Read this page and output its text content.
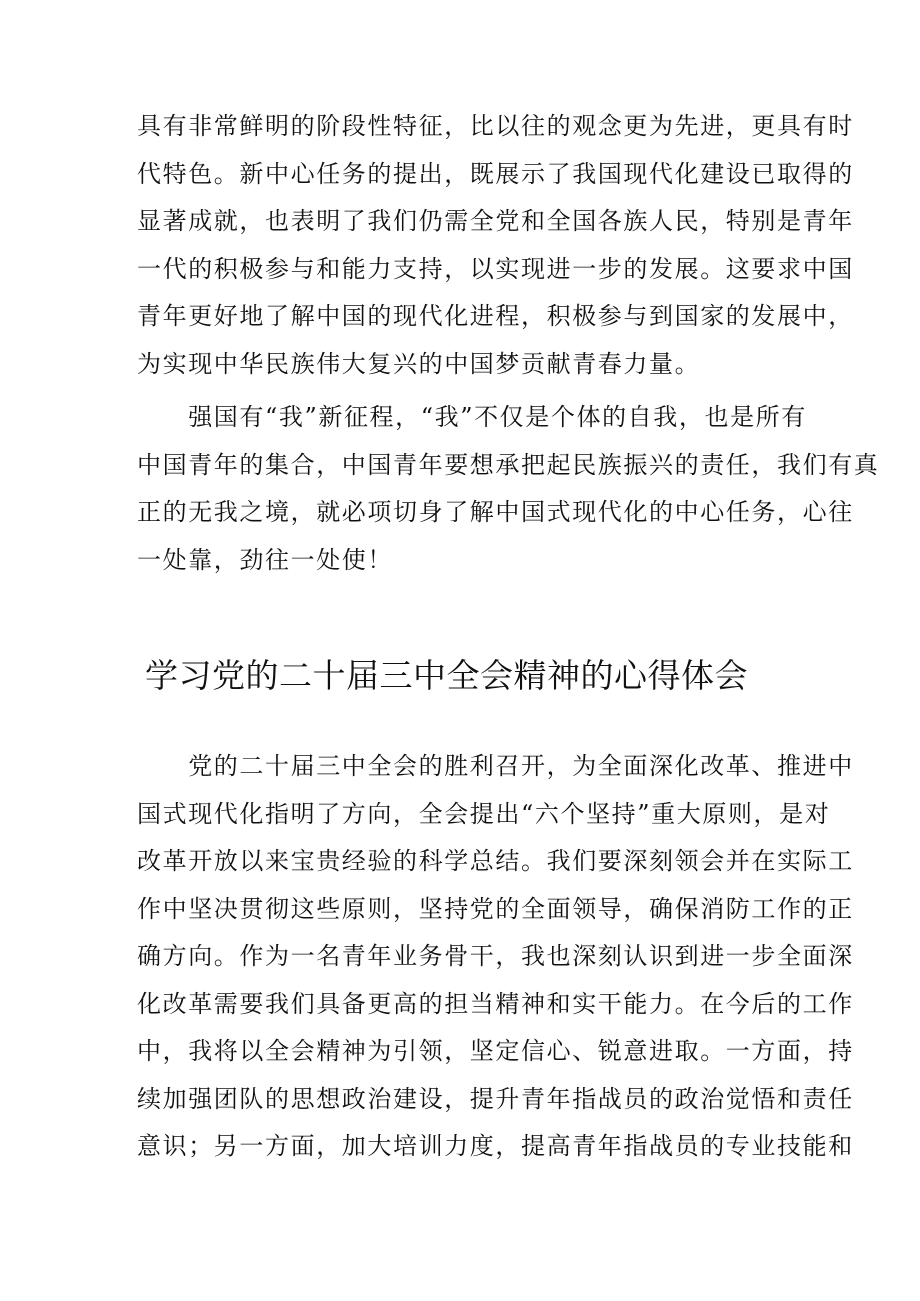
具有非常鲜明的阶段性特征，比以往的观念更为先进，更具有时
代特色。新中心任务的提出，既展示了我国现代化建设已取得的
显著成就，也表明了我们仍需全党和全国各族人民，特别是青年
一代的积极参与和能力支持，以实现进一步的发展。这要求中国
青年更好地了解中国的现代化进程，积极参与到国家的发展中，
为实现中华民族伟大复兴的中国梦贡献青春力量。
　　强国有“我”新征程，“我”不仅是个体的自我，也是所有
中国青年的集合，中国青年要想承把起民族振兴的责任，我们有真
正的无我之境，就必项切身了解中国式现代化的中心任务，心往
一处靠，劲往一处使！
学习党的二十届三中全会精神的心得体会
　　党的二十届三中全会的胜利召开，为全面深化改革、推进中
国式现代化指明了方向，全会提出“六个坚持”重大原则，是对
改革开放以来宝贵经验的科学总结。我们要深刻领会并在实际工
作中坚决贯彻这些原则，坚持党的全面领导，确保消防工作的正
确方向。作为一名青年业务骨干，我也深刻认识到进一步全面深
化改革需要我们具备更高的担当精神和实干能力。在今后的工作
中，我将以全会精神为引领，坚定信心、锐意进取。一方面，持
续加强团队的思想政治建设，提升青年指战员的政治觉悟和责任
意识；另一方面，加大培训力度，提高青年指战员的专业技能和
